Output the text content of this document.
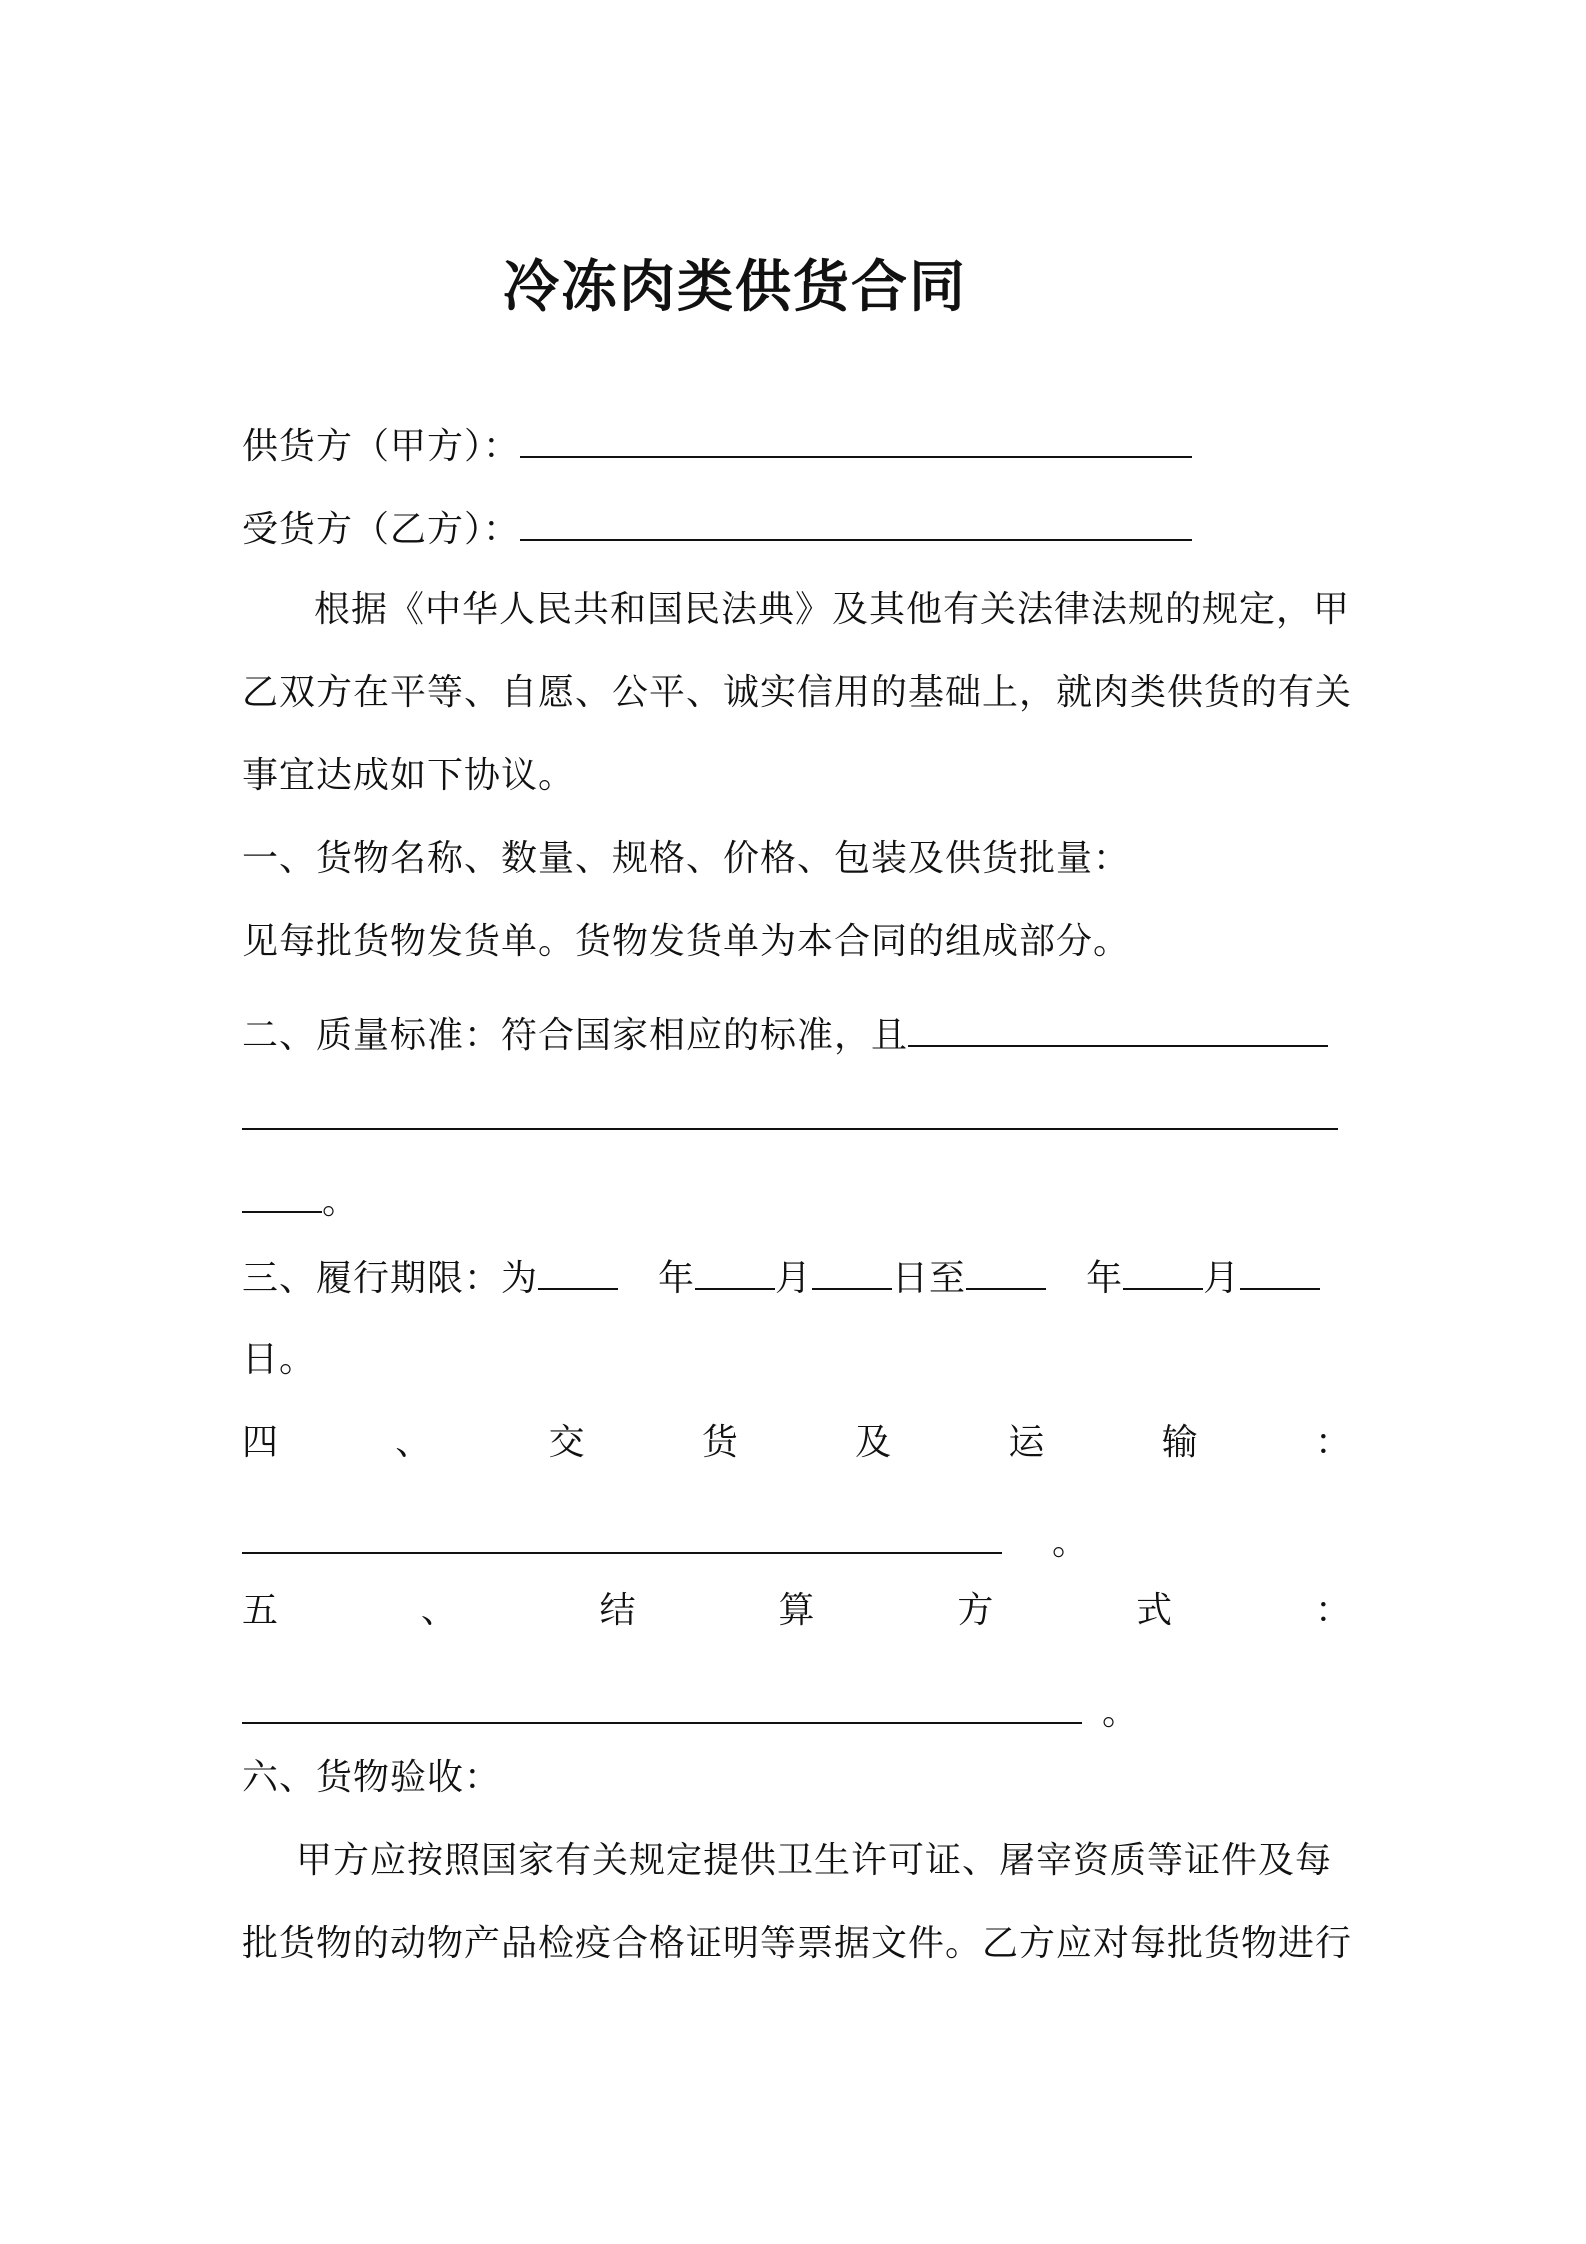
冷冻肉类供货合同
供货方（甲方）：
受货方（乙方）：
根据《中华人民共和国民法典》及其他有关法律法规的规定，甲
乙双方在平等、自愿、公平、诚实信用的基础上，就肉类供货的有关
事宜达成如下协议。
一、货物名称、数量、规格、价格、包装及供货批量：
见每批货物发货单。货物发货单为本合同的组成部分。
二、质量标准：符合国家相应的标准，且
。
三、履行期限：为	年 月 日至	年 月
日。
四	、	交	货	及	运	输	：
。
五	、	结	算	方	式	：
。
六、货物验收：
甲方应按照国家有关规定提供卫生许可证、屠宰资质等证件及每
批货物的动物产品检疫合格证明等票据文件。乙方应对每批货物进行
